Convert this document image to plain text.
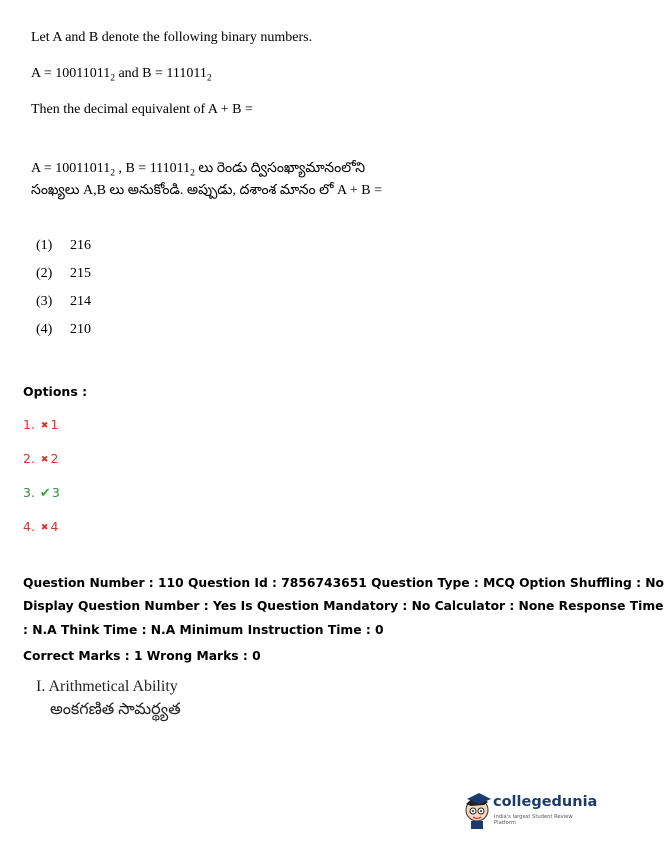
Let A and B denote the following binary numbers.
$A = 10011011_2$ and $B = 111011_2$
Then the decimal equivalent of A + B =
$A = 10011011_2$ , $B = 111011_2$ లు రెండు ద్విసంఖ్యామానంలోని
సంఖ్యలు A,B లు అనుకోండి. అప్పుడు, దశాంశ మానం లో A + B =
(1) 216
(2) 215
(3) 214
(4) 210
Options :
1. ✖ 1
2. ✖ 2
3. ✔3
4. ✖ 4
Question Number : 110 Question Id : 7856743651 Question Type : MCQ Option Shuffling : No
Display Question Number : Yes Is Question Mandatory : No Calculator : None Response Time
: N.A Think Time : N.A Minimum Instruction Time : 0
Correct Marks : 1 Wrong Marks : 0
I. Arithmetical Ability
అంకగణిత సామర్థ్యత
collegedunia
India's largest Student Review Platform
